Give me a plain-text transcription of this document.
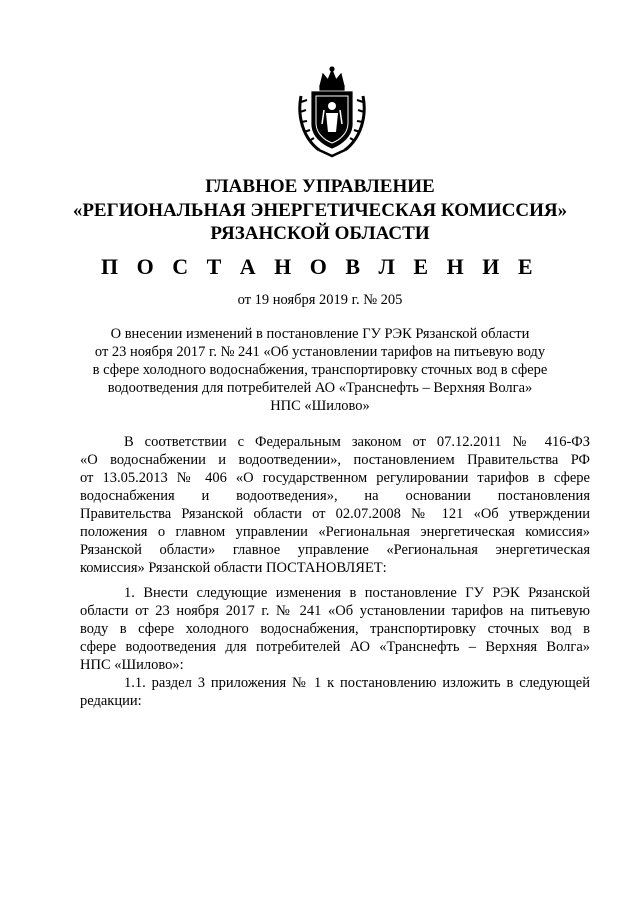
ГЛАВНОЕ УПРАВЛЕНИЕ
«РЕГИОНАЛЬНАЯ ЭНЕРГЕТИЧЕСКАЯ КОМИССИЯ»
РЯЗАНСКОЙ ОБЛАСТИ
П О С Т А Н О В Л Е Н И Е
от 19 ноября 2019 г. № 205
О внесении изменений в постановление ГУ РЭК Рязанской области
от 23 ноября 2017 г. № 241 «Об установлении тарифов на питьевую воду
в сфере холодного водоснабжения, транспортировку сточных вод в сфере
водоотведения для потребителей АО «Транснефть – Верхняя Волга»
НПС «Шилово»
В соответствии с Федеральным законом от 07.12.2011 № 416-ФЗ
«О водоснабжении и водоотведении», постановлением Правительства РФ
от 13.05.2013 № 406 «О государственном регулировании тарифов в сфере
водоснабжения и водоотведения», на основании постановления
Правительства Рязанской области от 02.07.2008 № 121 «Об утверждении
положения о главном управлении «Региональная энергетическая комиссия»
Рязанской области» главное управление «Региональная энергетическая
комиссия» Рязанской области ПОСТАНОВЛЯЕТ:
1. Внести следующие изменения в постановление ГУ РЭК Рязанской
области от 23 ноября 2017 г. № 241 «Об установлении тарифов на питьевую
воду в сфере холодного водоснабжения, транспортировку сточных вод в
сфере водоотведения для потребителей АО «Транснефть – Верхняя Волга»
НПС «Шилово»:
1.1. раздел 3 приложения № 1 к постановлению изложить в следующей
редакции:
